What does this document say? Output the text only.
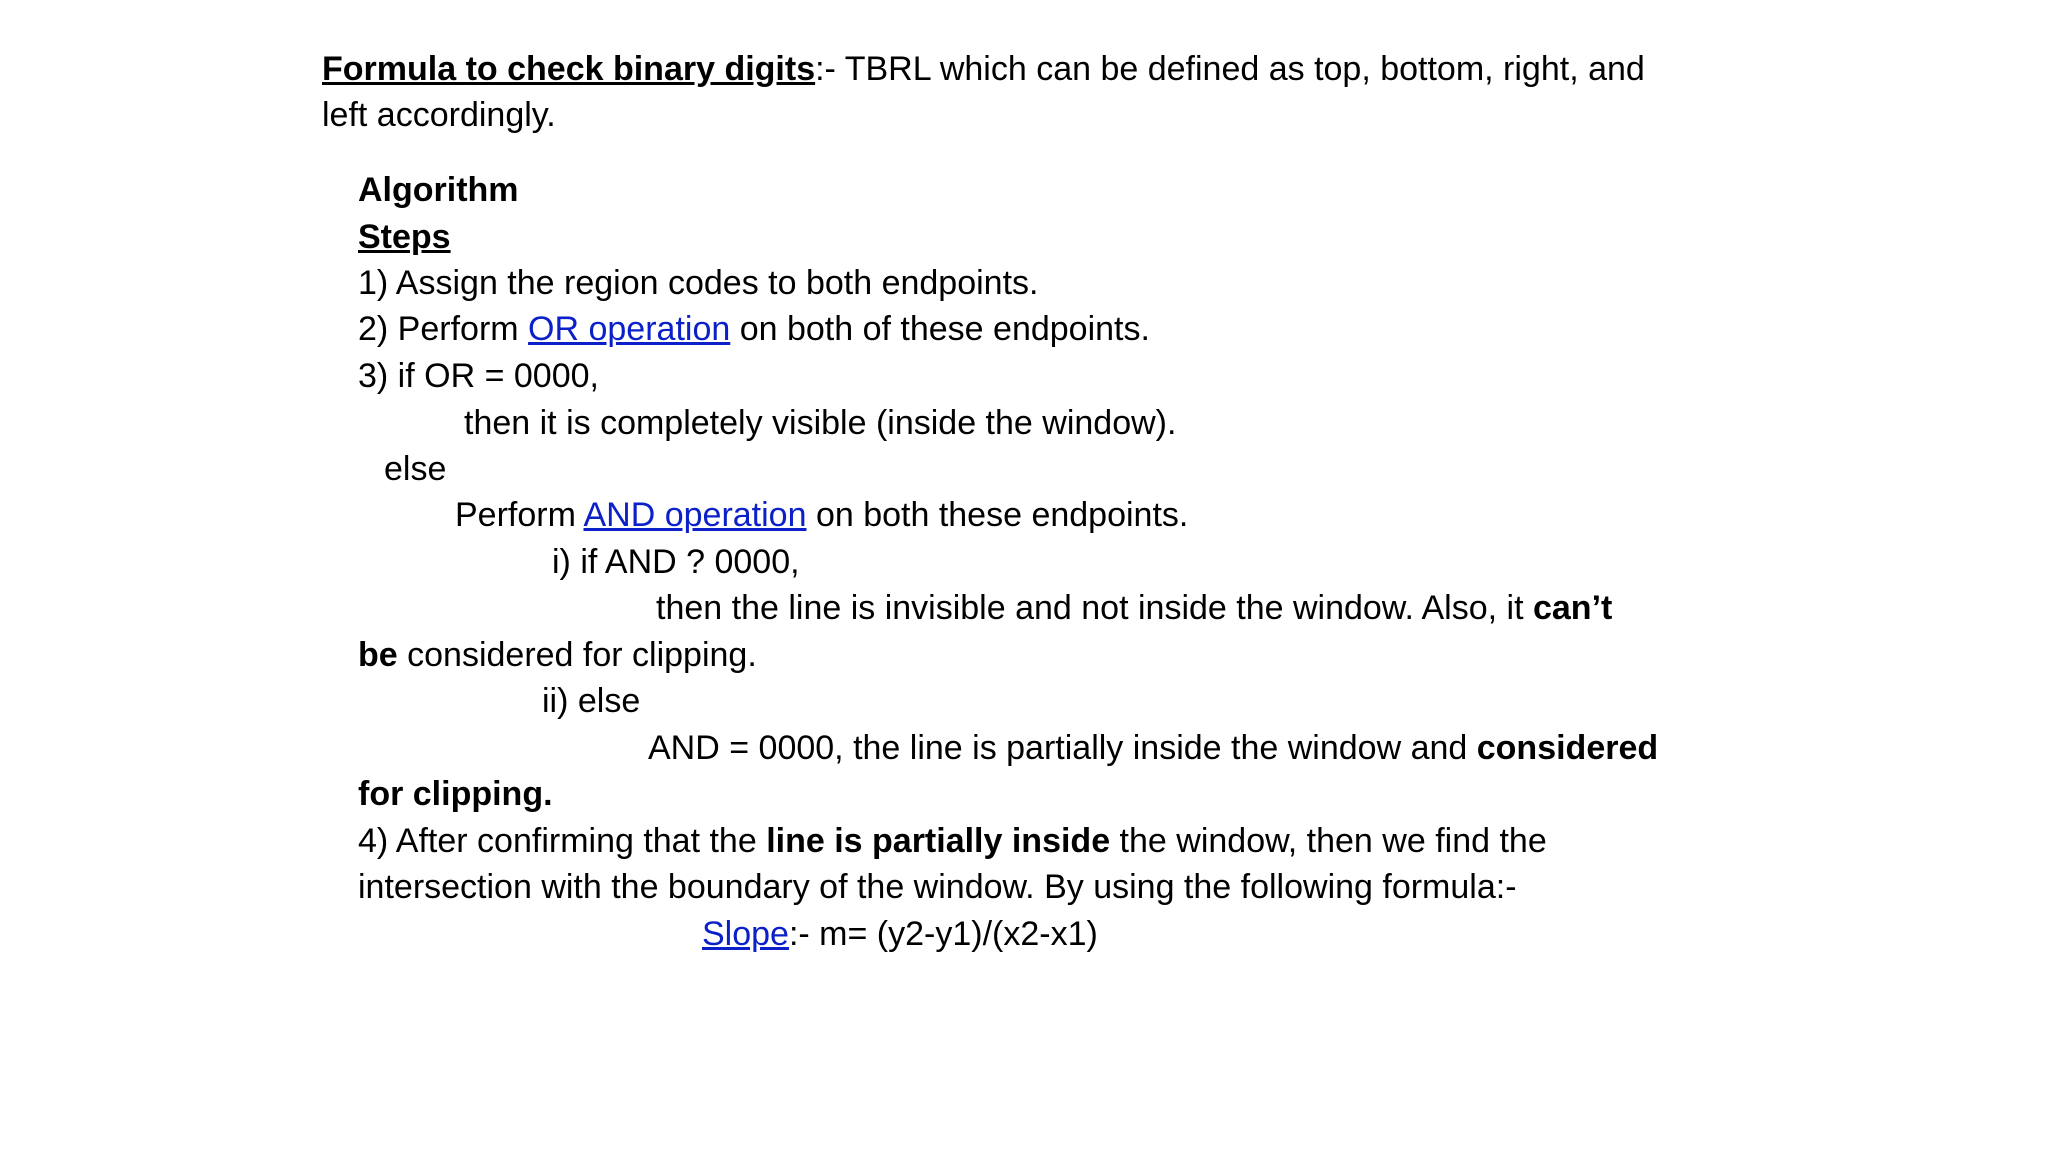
Formula to check binary digits:- TBRL which can be defined as top, bottom, right, and
left accordingly.
Algorithm
Steps
1) Assign the region codes to both endpoints.
2) Perform OR operation on both of these endpoints.
3) if OR = 0000,
then it is completely visible (inside the window).
else
Perform AND operation on both these endpoints.
i) if AND ? 0000,
then the line is invisible and not inside the window. Also, it can’t
be considered for clipping.
ii) else
AND = 0000, the line is partially inside the window and considered
for clipping.
4) After confirming that the line is partially inside the window, then we find the
intersection with the boundary of the window. By using the following formula:-
Slope:- m= (y2-y1)/(x2-x1)
